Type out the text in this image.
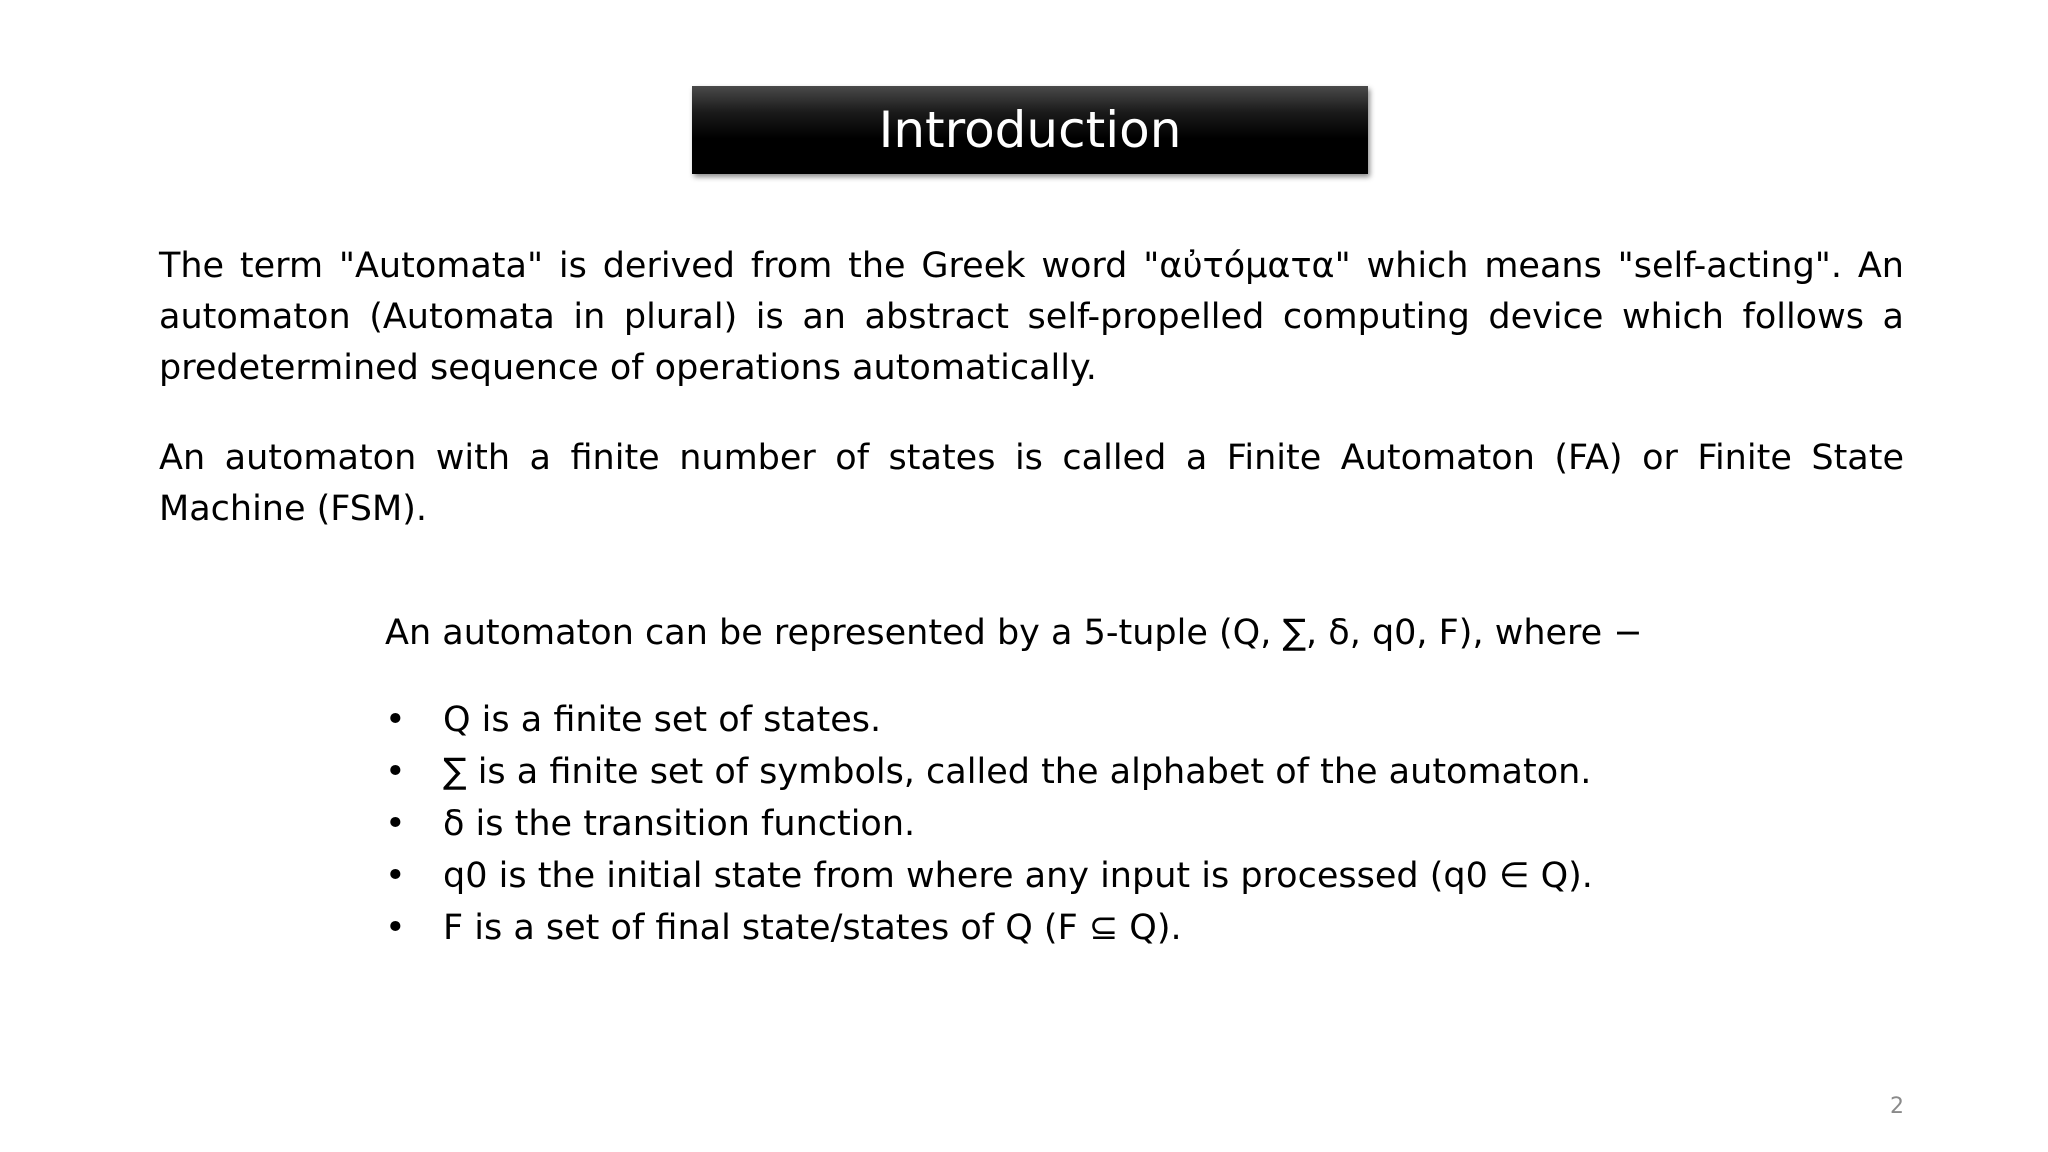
Introduction

The term "Automata" is derived from the Greek word "αὐτόματα" which means "self-acting". An automaton (Automata in plural) is an abstract self-propelled computing device which follows a predetermined sequence of operations automatically.

An automaton with a finite number of states is called a Finite Automaton (FA) or Finite State Machine (FSM).

An automaton can be represented by a 5-tuple (Q, ∑, δ, q0, F), where −

• Q is a finite set of states.
• ∑ is a finite set of symbols, called the alphabet of the automaton.
• δ is the transition function.
• q0 is the initial state from where any input is processed (q0 ∈ Q).
• F is a set of final state/states of Q (F ⊆ Q).
2
